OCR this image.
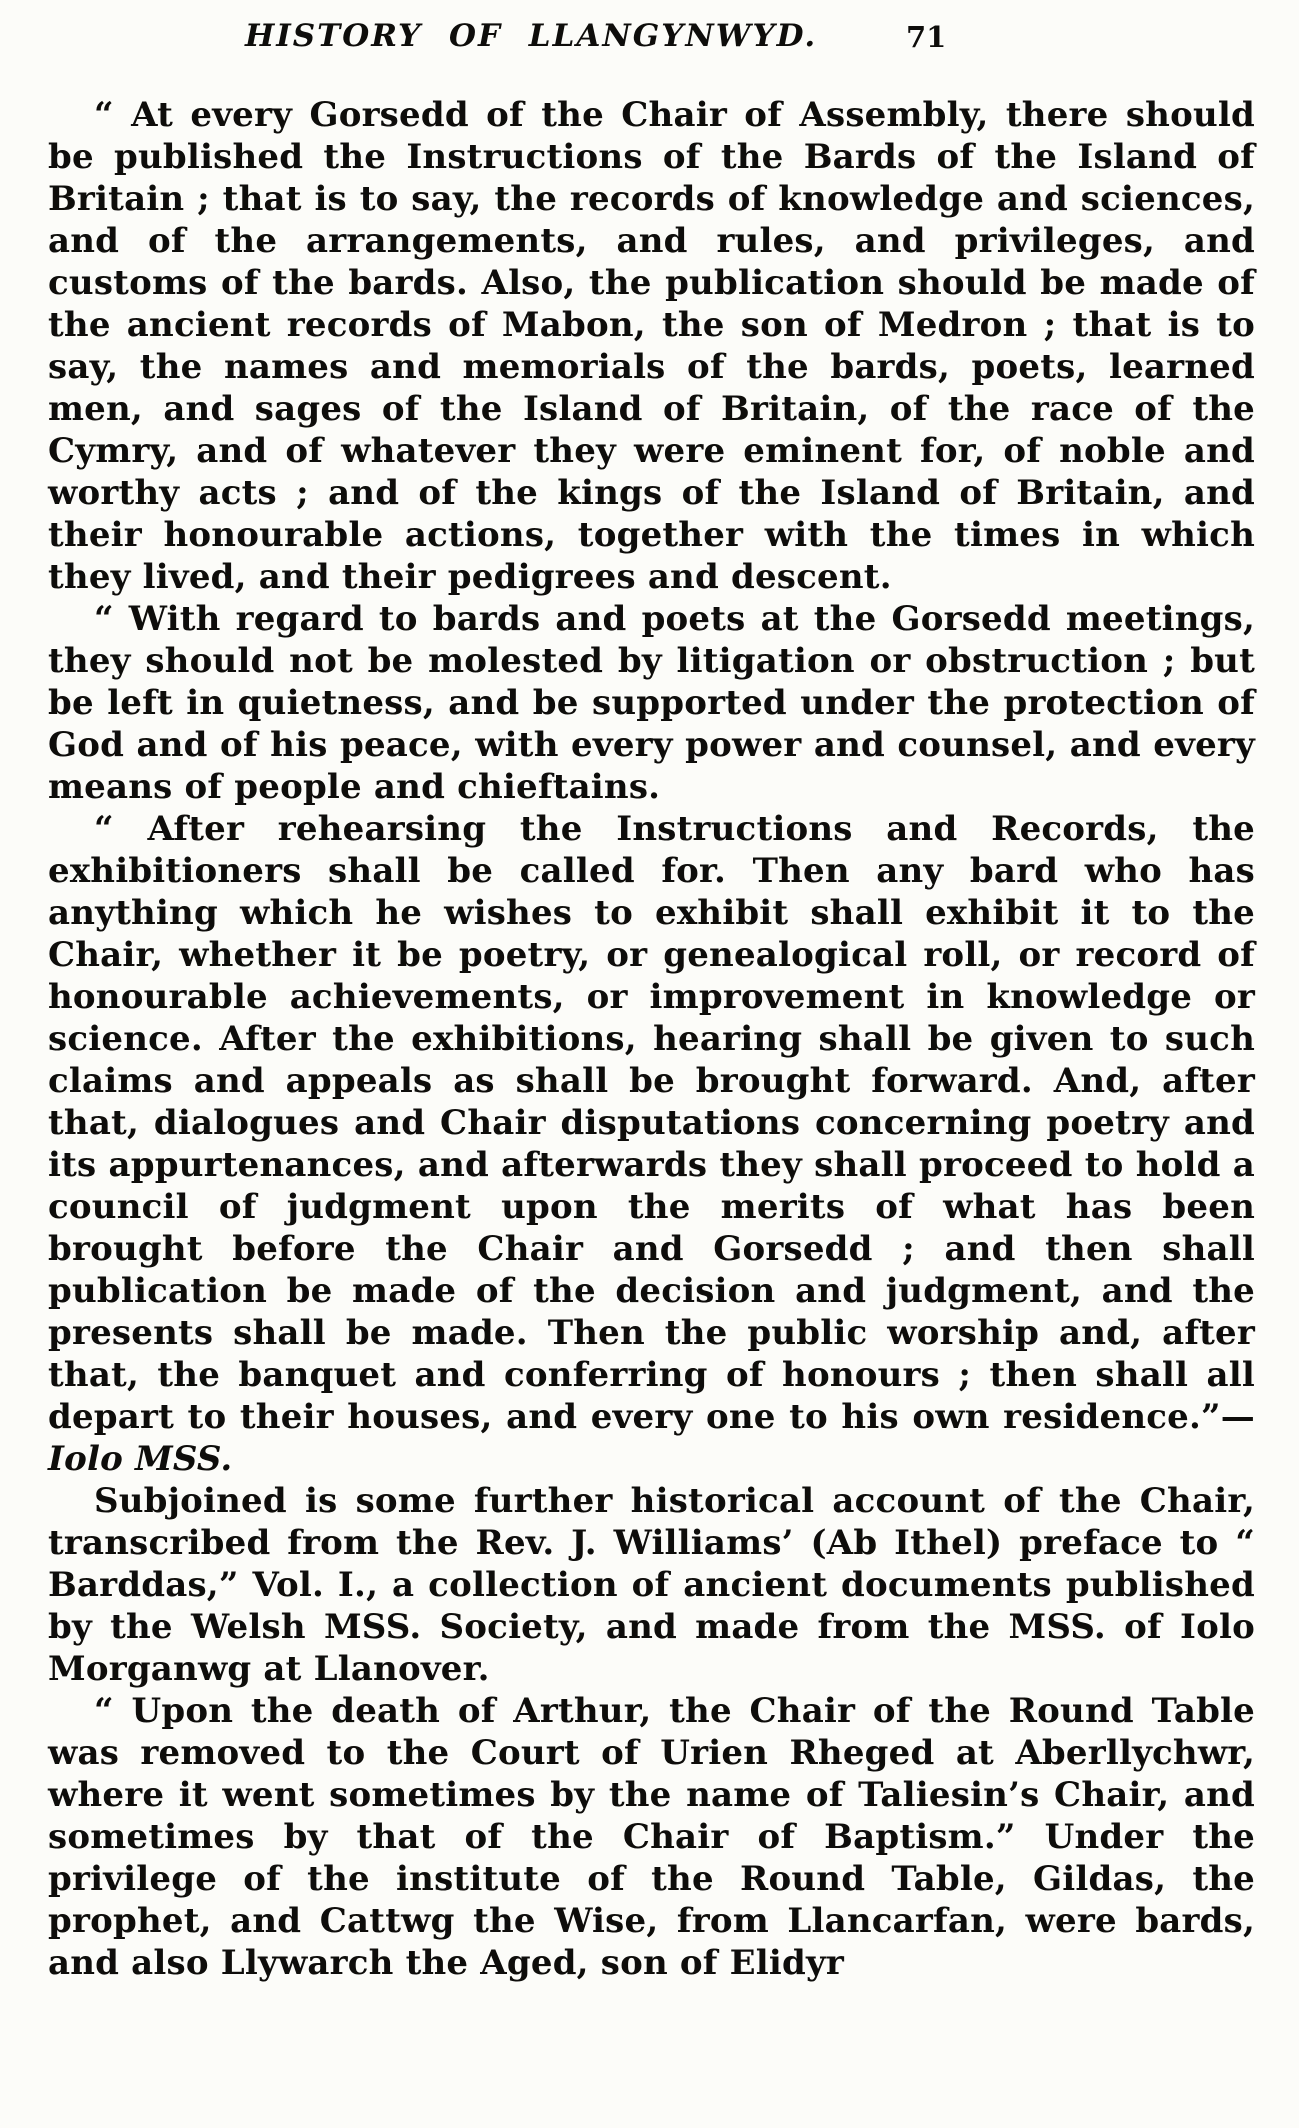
HISTORY OF LLANGYNWYD.	71

“ At every Gorsedd of the Chair of Assembly, there should be published the Instructions of the Bards of the Island of Britain ; that is to say, the records of knowledge and sciences, and of the arrangements, and rules, and privileges, and customs of the bards. Also, the publication should be made of the ancient records of Mabon, the son of Medron ; that is to say, the names and memorials of the bards, poets, learned men, and sages of the Island of Britain, of the race of the Cymry, and of whatever they were eminent for, of noble and worthy acts ; and of the kings of the Island of Britain, and their honourable actions, together with the times in which they lived, and their pedigrees and descent.

“ With regard to bards and poets at the Gorsedd meetings, they should not be molested by litigation or obstruction ; but be left in quietness, and be supported under the protection of God and of his peace, with every power and counsel, and every means of people and chieftains.

“ After rehearsing the Instructions and Records, the exhibitioners shall be called for. Then any bard who has anything which he wishes to exhibit shall exhibit it to the Chair, whether it be poetry, or genealogical roll, or record of honourable achievements, or improvement in knowledge or science. After the exhibitions, hearing shall be given to such claims and appeals as shall be brought forward. And, after that, dialogues and Chair disputations concerning poetry and its appurtenances, and afterwards they shall proceed to hold a council of judgment upon the merits of what has been brought before the Chair and Gorsedd ; and then shall publication be made of the decision and judgment, and the presents shall be made. Then the public worship and, after that, the banquet and conferring of honours ; then shall all depart to their houses, and every one to his own residence.”—Iolo MSS.

Subjoined is some further historical account of the Chair, transcribed from the Rev. J. Williams’ (Ab Ithel) preface to “ Barddas,” Vol. I., a collection of ancient documents published by the Welsh MSS. Society, and made from the MSS. of Iolo Morganwg at Llanover.

“ Upon the death of Arthur, the Chair of the Round Table was removed to the Court of Urien Rheged at Aberllychwr, where it went sometimes by the name of Taliesin’s Chair, and sometimes by that of the Chair of Baptism.” Under the privilege of the institute of the Round Table, Gildas, the prophet, and Cattwg the Wise, from Llancarfan, were bards, and also Llywarch the Aged, son of Elidyr
